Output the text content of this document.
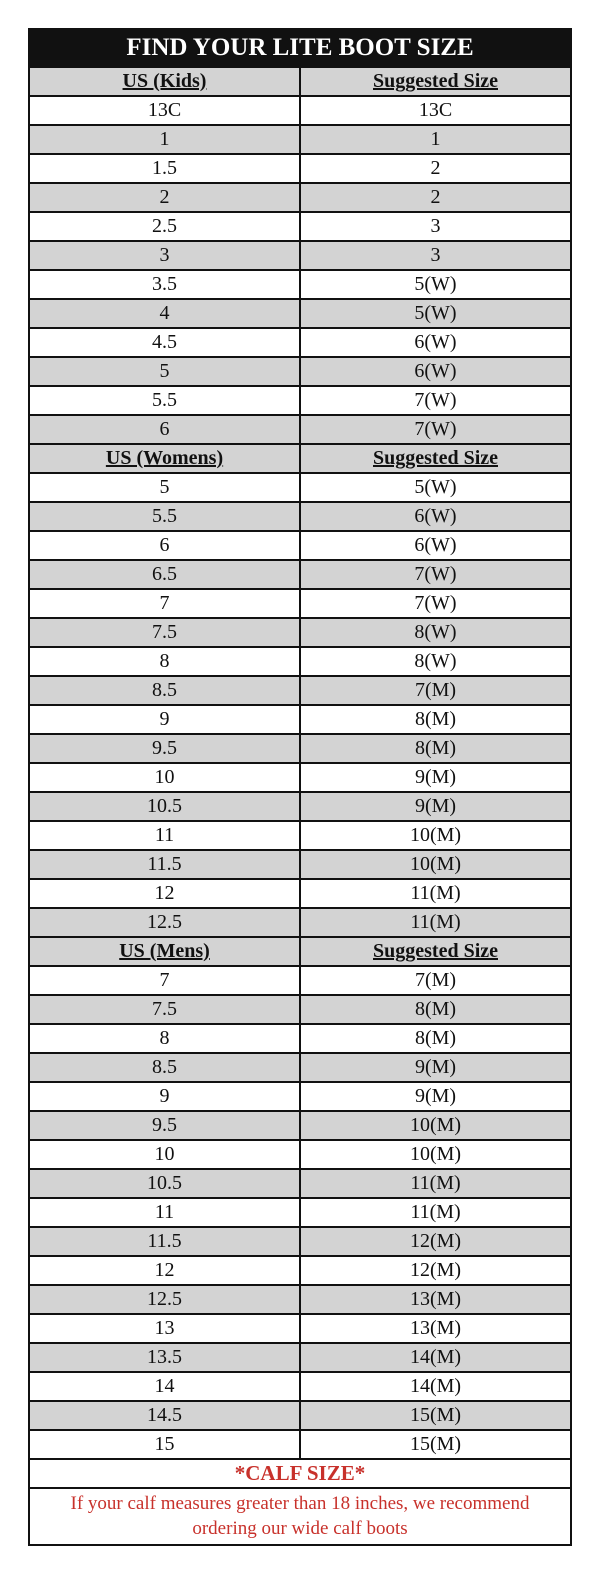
FIND YOUR LITE BOOT SIZE
US (Kids)	Suggested Size
13C	13C
1	1
1.5	2
2	2
2.5	3
3	3
3.5	5(W)
4	5(W)
4.5	6(W)
5	6(W)
5.5	7(W)
6	7(W)
US (Womens)	Suggested Size
5	5(W)
5.5	6(W)
6	6(W)
6.5	7(W)
7	7(W)
7.5	8(W)
8	8(W)
8.5	7(M)
9	8(M)
9.5	8(M)
10	9(M)
10.5	9(M)
11	10(M)
11.5	10(M)
12	11(M)
12.5	11(M)
US (Mens)	Suggested Size
7	7(M)
7.5	8(M)
8	8(M)
8.5	9(M)
9	9(M)
9.5	10(M)
10	10(M)
10.5	11(M)
11	11(M)
11.5	12(M)
12	12(M)
12.5	13(M)
13	13(M)
13.5	14(M)
14	14(M)
14.5	15(M)
15	15(M)
*CALF SIZE*
If your calf measures greater than 18 inches, we recommend ordering our wide calf boots
